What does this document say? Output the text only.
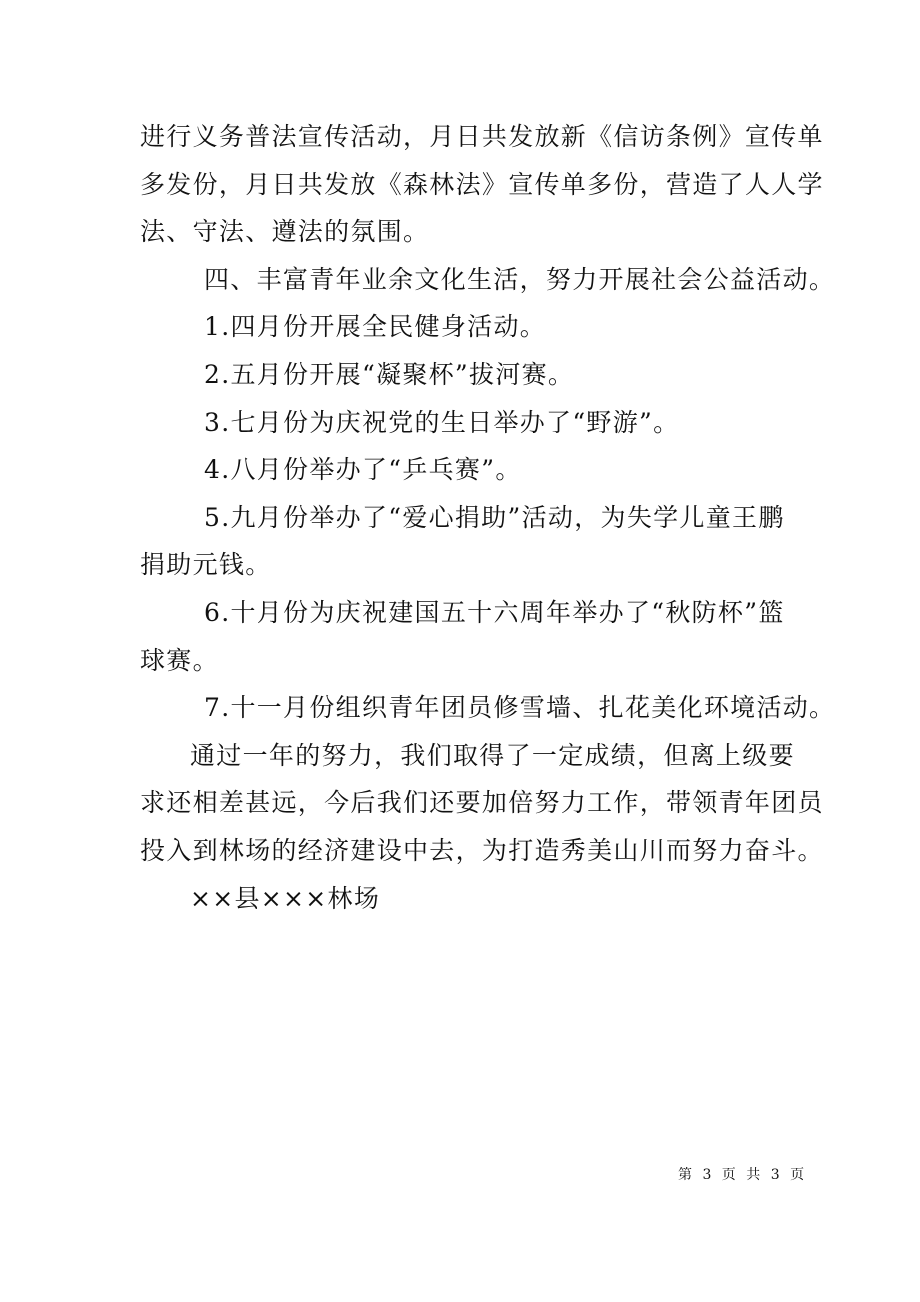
进行义务普法宣传活动，月日共发放新《信访条例》宣传单

多发份，月日共发放《森林法》宣传单多份，营造了人人学

法、守法、遵法的氛围。

四、丰富青年业余文化生活，努力开展社会公益活动。

1.四月份开展全民健身活动。

2.五月份开展“凝聚杯”拔河赛。

3.七月份为庆祝党的生日举办了“野游”。

4.八月份举办了“乒乓赛”。

5.九月份举办了“爱心捐助”活动，为失学儿童王鹏

捐助元钱。

6.十月份为庆祝建国五十六周年举办了“秋防杯”篮

球赛。

7.十一月份组织青年团员修雪墙、扎花美化环境活动。

通过一年的努力，我们取得了一定成绩，但离上级要

求还相差甚远，今后我们还要加倍努力工作，带领青年团员

投入到林场的经济建设中去，为打造秀美山川而努力奋斗。

××县×××林场

第 3 页 共 3 页
